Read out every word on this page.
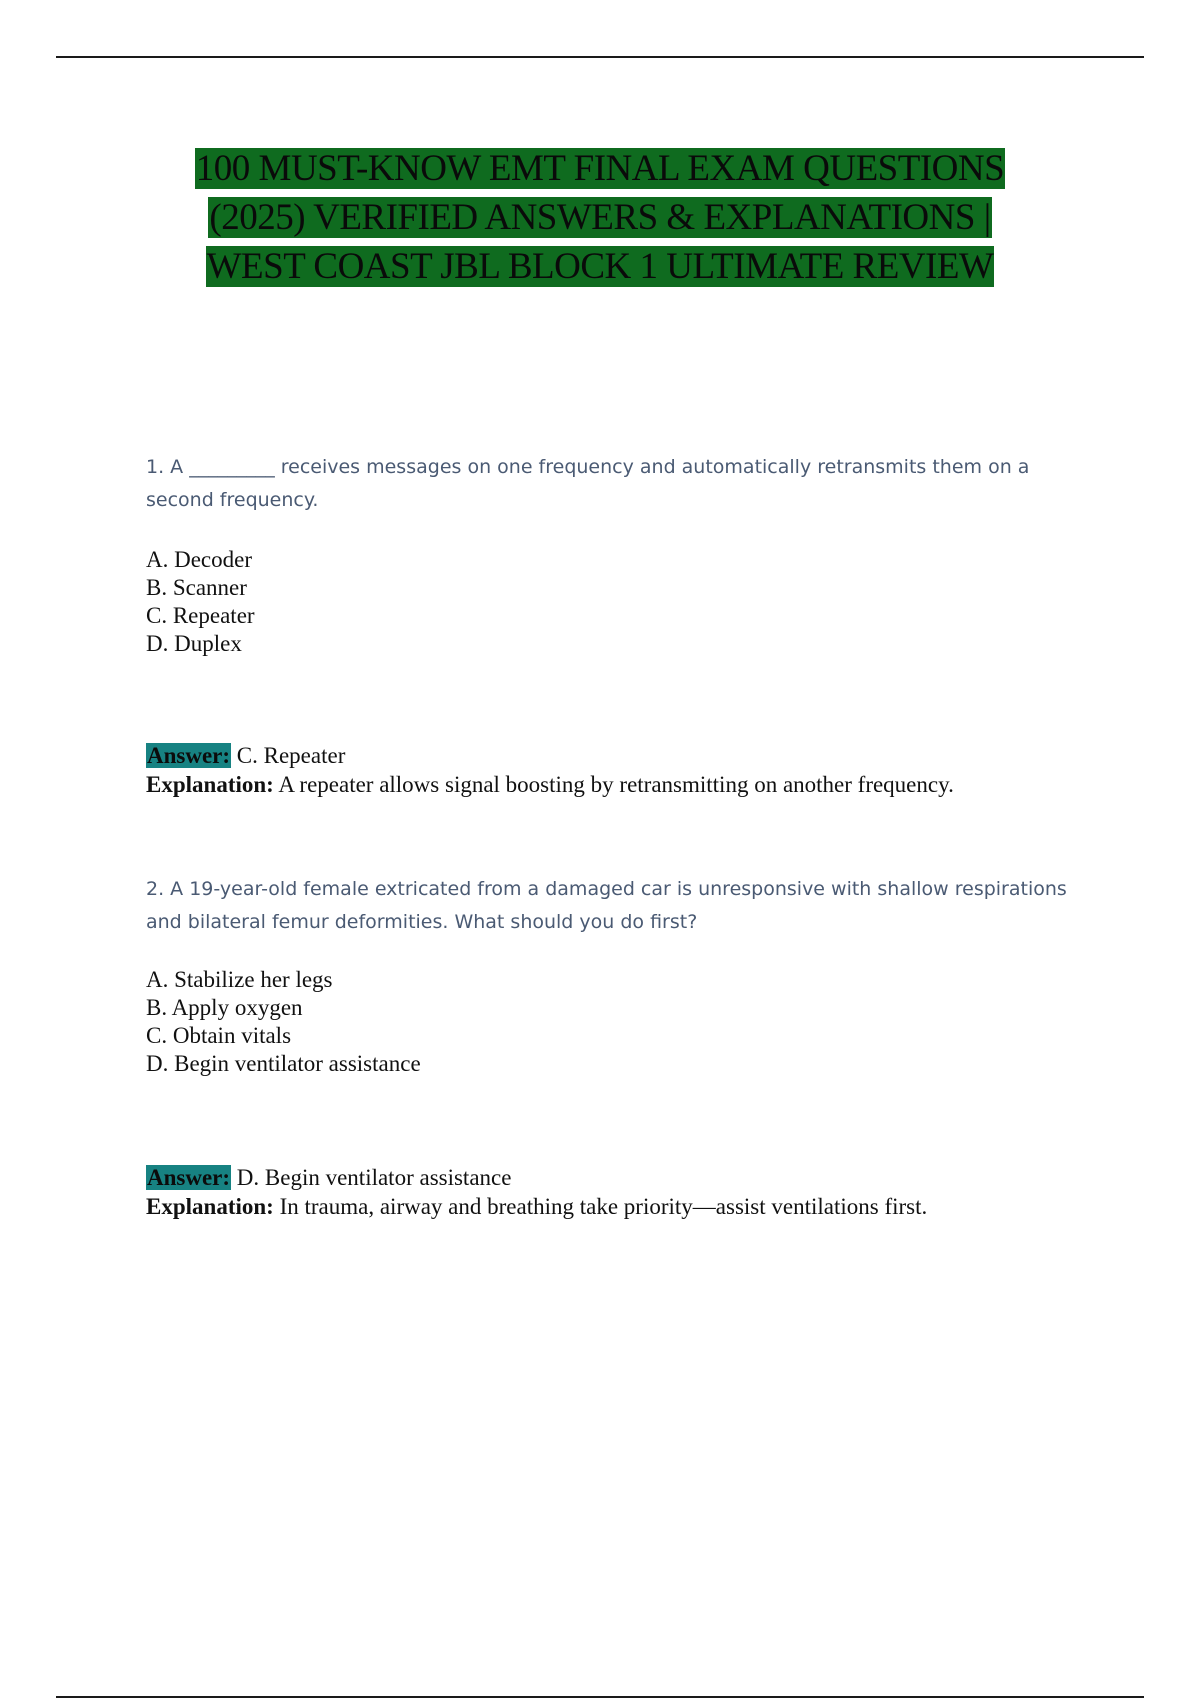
100 MUST-KNOW EMT FINAL EXAM QUESTIONS
(2025) VERIFIED ANSWERS & EXPLANATIONS |
WEST COAST JBL BLOCK 1 ULTIMATE REVIEW
1. A _________ receives messages on one frequency and automatically retransmits them on a second frequency.
A. Decoder
B. Scanner
C. Repeater
D. Duplex
Answer: C. Repeater
Explanation: A repeater allows signal boosting by retransmitting on another frequency.
2. A 19-year-old female extricated from a damaged car is unresponsive with shallow respirations and bilateral femur deformities. What should you do first?
A. Stabilize her legs
B. Apply oxygen
C. Obtain vitals
D. Begin ventilator assistance
Answer: D. Begin ventilator assistance
Explanation: In trauma, airway and breathing take priority—assist ventilations first.
